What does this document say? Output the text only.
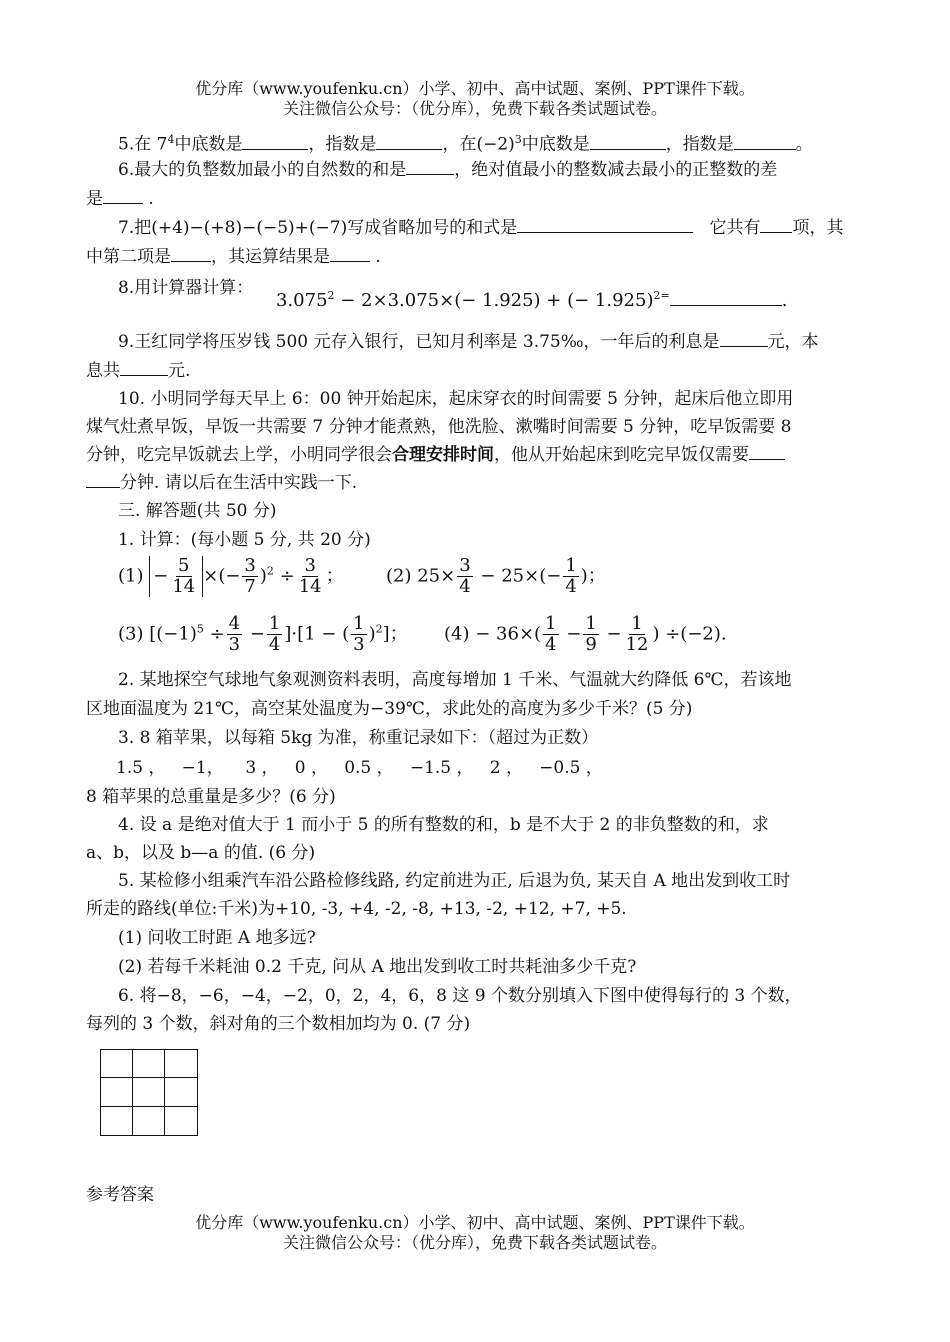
优分库（www.youfenku.cn）小学、初中、高中试题、案例、PPT课件下载。
关注微信公众号：（优分库），免费下载各类试题试卷。
5.在 $7^4$中底数是	，指数是	，在$(-2)^3$中底数是	，指数是	。
6.最大的负整数加最小的自然数的和是	，绝对值最小的整数减去最小的正整数的差
是	.
7.把(+4)−(+8)−(−5)+(−7)写成省略加号的和式是	它共有 项，其
中第二项是 ，其运算结果是	.
8.用计算器计算：
$3.075^2 - 2\times 3.075\times(- 1.925)$ + (− 1.925)$^{2=}$	.
9.王红同学将压岁钱 500 元存入银行，已知月利率是 3.75‰，一年后的利息是	元，本
息共	元.
10. 小明同学每天早上 6：00 钟开始起床，起床穿衣的时间需要 5 分钟，起床后他立即用
煤气灶煮早饭，早饭一共需要 7 分钟才能煮熟，他洗脸、漱嘴时间需要 5 分钟，吃早饭需要 8
分钟，吃完早饭就去上学，小明同学很会合理安排时间，他从开始起床到吃完早饭仅需要
分钟. 请以后在生活中实践一下.
三. 解答题(共 50 分)
1. 计算：(每小题 5 分, 共 20 分)
$(1) - \frac{5}{14}$ ×(− $\frac{3}{7} )^2 \div \frac{3}{14}$ ； (2) $25\times \frac{3}{4} - 25\times(- \frac{1}{4}$ )；
(3) $[(-1)^5 \div \frac{4}{3} - \frac{1}{4} ]\cdot[1$ − ( $\frac{1}{3} )^2$]； $(4) - 36\times( \frac{1}{4} - \frac{1}{9} - \frac{1}{12}$ ) ÷(−2).
2. 某地探空气球地气象观测资料表明，高度每增加 1 千米、气温就大约降低 6℃，若该地
区地面温度为 21℃，高空某处温度为−39℃，求此处的高度为多少千米？(5 分)
3. 8 箱苹果，以每箱 5kg 为准，称重记录如下：（超过为正数）
1.5 ，   −1，    3 ，   0 ，   0.5 ，   −1.5 ，   2 ，   −0.5 ，
8 箱苹果的总重量是多少？(6 分)
4. 设 a 是绝对值大于 1 而小于 5 的所有整数的和，b 是不大于 2 的非负整数的和，求
a、b，以及 b—a 的值. (6 分)
5. 某检修小组乘汽车沿公路检修线路, 约定前进为正, 后退为负, 某天自 A 地出发到收工时
所走的路线(单位:千米)为+10, -3, +4, -2, -8, +13, -2, +12, +7, +5.
(1) 问收工时距 A 地多远?
(2) 若每千米耗油 0.2 千克, 问从 A 地出发到收工时共耗油多少千克?
6. 将−8，−6，−4，−2，0，2，4，6，8 这 9 个数分别填入下图中使得每行的 3 个数，
每列的 3 个数，斜对角的三个数相加均为 0. (7 分)
参考答案
优分库（www.youfenku.cn）小学、初中、高中试题、案例、PPT课件下载。
关注微信公众号：（优分库），免费下载各类试题试卷。
